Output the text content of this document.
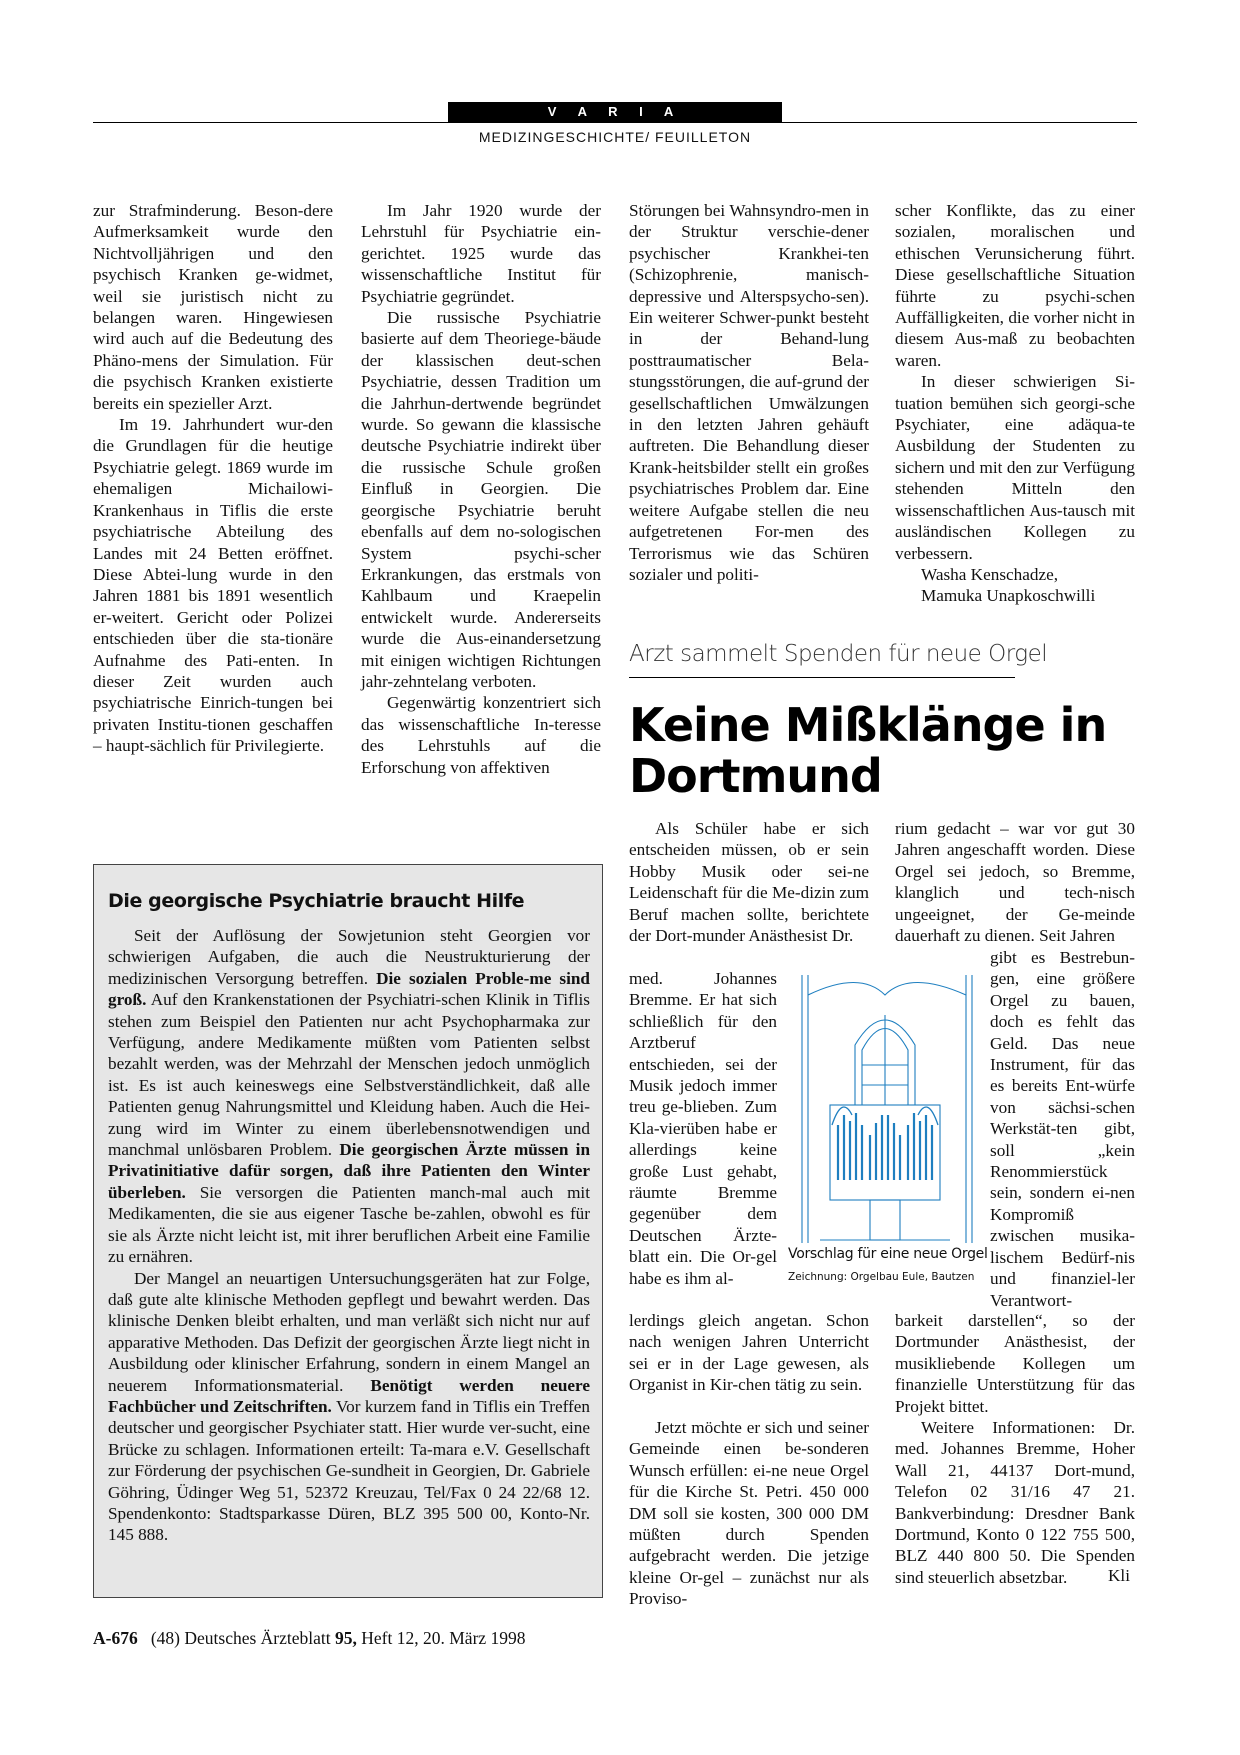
V A R I A
MEDIZINGESCHICHTE/ FEUILLETON

zur Strafminderung. Beson-dere Aufmerksamkeit wurde den Nichtvolljährigen und den psychisch Kranken ge-widmet, weil sie juristisch nicht zu belangen waren. Hingewiesen wird auch auf die Bedeutung des Phäno-mens der Simulation. Für die psychisch Kranken existierte bereits ein spezieller Arzt.

Im 19. Jahrhundert wur-den die Grundlagen für die heutige Psychiatrie gelegt. 1869 wurde im ehemaligen Michailowi-Krankenhaus in Tiflis die erste psychiatrische Abteilung des Landes mit 24 Betten eröffnet. Diese Abtei-lung wurde in den Jahren 1881 bis 1891 wesentlich er-weitert. Gericht oder Polizei entschieden über die sta-tionäre Aufnahme des Pati-enten. In dieser Zeit wurden auch psychiatrische Einrich-tungen bei privaten Institu-tionen geschaffen – haupt-sächlich für Privilegierte.

Im Jahr 1920 wurde der Lehrstuhl für Psychiatrie ein-gerichtet. 1925 wurde das wissenschaftliche Institut für Psychiatrie gegründet.

Die russische Psychiatrie basierte auf dem Theoriege-bäude der klassischen deut-schen Psychiatrie, dessen Tradition um die Jahrhun-dertwende begründet wurde. So gewann die klassische deutsche Psychiatrie indirekt über die russische Schule großen Einfluß in Georgien. Die georgische Psychiatrie beruht ebenfalls auf dem no-sologischen System psychi-scher Erkrankungen, das erstmals von Kahlbaum und Kraepelin entwickelt wurde. Andererseits wurde die Aus-einandersetzung mit einigen wichtigen Richtungen jahr-zehntelang verboten.

Gegenwärtig konzentriert sich das wissenschaftliche In-teresse des Lehrstuhls auf die Erforschung von affektiven

Störungen bei Wahnsyndro-men in der Struktur verschie-dener psychischer Krankhei-ten (Schizophrenie, manisch-depressive und Alterspsycho-sen). Ein weiterer Schwer-punkt besteht in der Behand-lung posttraumatischer Bela-stungsstörungen, die auf-grund der gesellschaftlichen Umwälzungen in den letzten Jahren gehäuft auftreten. Die Behandlung dieser Krank-heitsbilder stellt ein großes psychiatrisches Problem dar. Eine weitere Aufgabe stellen die neu aufgetretenen For-men des Terrorismus wie das Schüren sozialer und politi-

scher Konflikte, das zu einer sozialen, moralischen und ethischen Verunsicherung führt. Diese gesellschaftliche Situation führte zu psychi-schen Auffälligkeiten, die vorher nicht in diesem Aus-maß zu beobachten waren.

In dieser schwierigen Si-tuation bemühen sich georgi-sche Psychiater, eine adäqua-te Ausbildung der Studenten zu sichern und mit den zur Verfügung stehenden Mitteln den wissenschaftlichen Aus-tausch mit ausländischen Kollegen zu verbessern.

Washa Kenschadze,

Mamuka Unapkoschwilli

Die georgische Psychiatrie braucht Hilfe

Seit der Auflösung der Sowjetunion steht Georgien vor schwierigen Aufgaben, die auch die Neustrukturierung der medizinischen Versorgung betreffen. Die sozialen Proble-me sind groß. Auf den Krankenstationen der Psychiatri-schen Klinik in Tiflis stehen zum Beispiel den Patienten nur acht Psychopharmaka zur Verfügung, andere Medikamente müßten vom Patienten selbst bezahlt werden, was der Mehrzahl der Menschen jedoch unmöglich ist. Es ist auch keineswegs eine Selbstverständlichkeit, daß alle Patienten genug Nahrungsmittel und Kleidung haben. Auch die Hei-zung wird im Winter zu einem überlebensnotwendigen und manchmal unlösbaren Problem. Die georgischen Ärzte müssen in Privatinitiative dafür sorgen, daß ihre Patienten den Winter überleben. Sie versorgen die Patienten manch-mal auch mit Medikamenten, die sie aus eigener Tasche be-zahlen, obwohl es für sie als Ärzte nicht leicht ist, mit ihrer beruflichen Arbeit eine Familie zu ernähren.

Der Mangel an neuartigen Untersuchungsgeräten hat zur Folge, daß gute alte klinische Methoden gepflegt und bewahrt werden. Das klinische Denken bleibt erhalten, und man verläßt sich nicht nur auf apparative Methoden. Das Defizit der georgischen Ärzte liegt nicht in Ausbildung oder klinischer Erfahrung, sondern in einem Mangel an neuerem Informationsmaterial. Benötigt werden neuere Fachbücher und Zeitschriften. Vor kurzem fand in Tiflis ein Treffen deutscher und georgischer Psychiater statt. Hier wurde ver-sucht, eine Brücke zu schlagen. Informationen erteilt: Ta-mara e.V. Gesellschaft zur Förderung der psychischen Ge-sundheit in Georgien, Dr. Gabriele Göhring, Üdinger Weg 51, 52372 Kreuzau, Tel/Fax 0 24 22/68 12. Spendenkonto: Stadtsparkasse Düren, BLZ 395 500 00, Konto-Nr. 145 888.

Arzt sammelt Spenden für neue Orgel
Keine Mißklänge in
Dortmund
Als Schüler habe er sich entscheiden müssen, ob er sein Hobby Musik oder sei-ne Leidenschaft für die Me-dizin zum Beruf machen sollte, berichtete der Dort-munder Anästhesist Dr.
med. Johannes Bremme. Er hat sich schließlich für den Arztberuf entschieden, sei der Musik jedoch immer treu ge-blieben. Zum Kla-vierüben habe er allerdings keine große Lust gehabt, räumte Bremme gegenüber dem Deutschen Ärzte-blatt ein. Die Or-gel habe es ihm al-
lerdings gleich angetan. Schon nach wenigen Jahren Unterricht sei er in der Lage gewesen, als Organist in Kir-chen tätig zu sein.
Jetzt möchte er sich und seiner Gemeinde einen be-sonderen Wunsch erfüllen: ei-ne neue Orgel für die Kirche St. Petri. 450 000 DM soll sie kosten, 300 000 DM müßten durch Spenden aufgebracht werden. Die jetzige kleine Or-gel – zunächst nur als Proviso-
rium gedacht – war vor gut 30 Jahren angeschafft worden. Diese Orgel sei jedoch, so Bremme, klanglich und tech-nisch ungeeignet, der Ge-meinde dauerhaft zu dienen. Seit Jahren
gibt es Bestrebun-gen, eine größere Orgel zu bauen, doch es fehlt das Geld. Das neue Instrument, für das es bereits Ent-würfe von sächsi-schen Werkstät-ten gibt, soll „kein Renommierstück sein, sondern ei-nen Kompromiß zwischen musika-lischem Bedürf-nis und finanziel-ler Verantwort-
barkeit darstellen“, so der Dortmunder Anästhesist, der musikliebende Kollegen um finanzielle Unterstützung für das Projekt bittet.
Weitere Informationen: Dr. med. Johannes Bremme, Hoher Wall 21, 44137 Dort-mund, Telefon 02 31/16 47 21. Bankverbindung: Dresdner Bank Dortmund, Konto 0 122 755 500, BLZ 440 800 50. Die Spenden sind steuerlich absetzbar.	Kli
Vorschlag für eine neue Orgel
Zeichnung: Orgelbau Eule, Bautzen
A-676 (48) Deutsches Ärzteblatt 95, Heft 12, 20. März 1998
